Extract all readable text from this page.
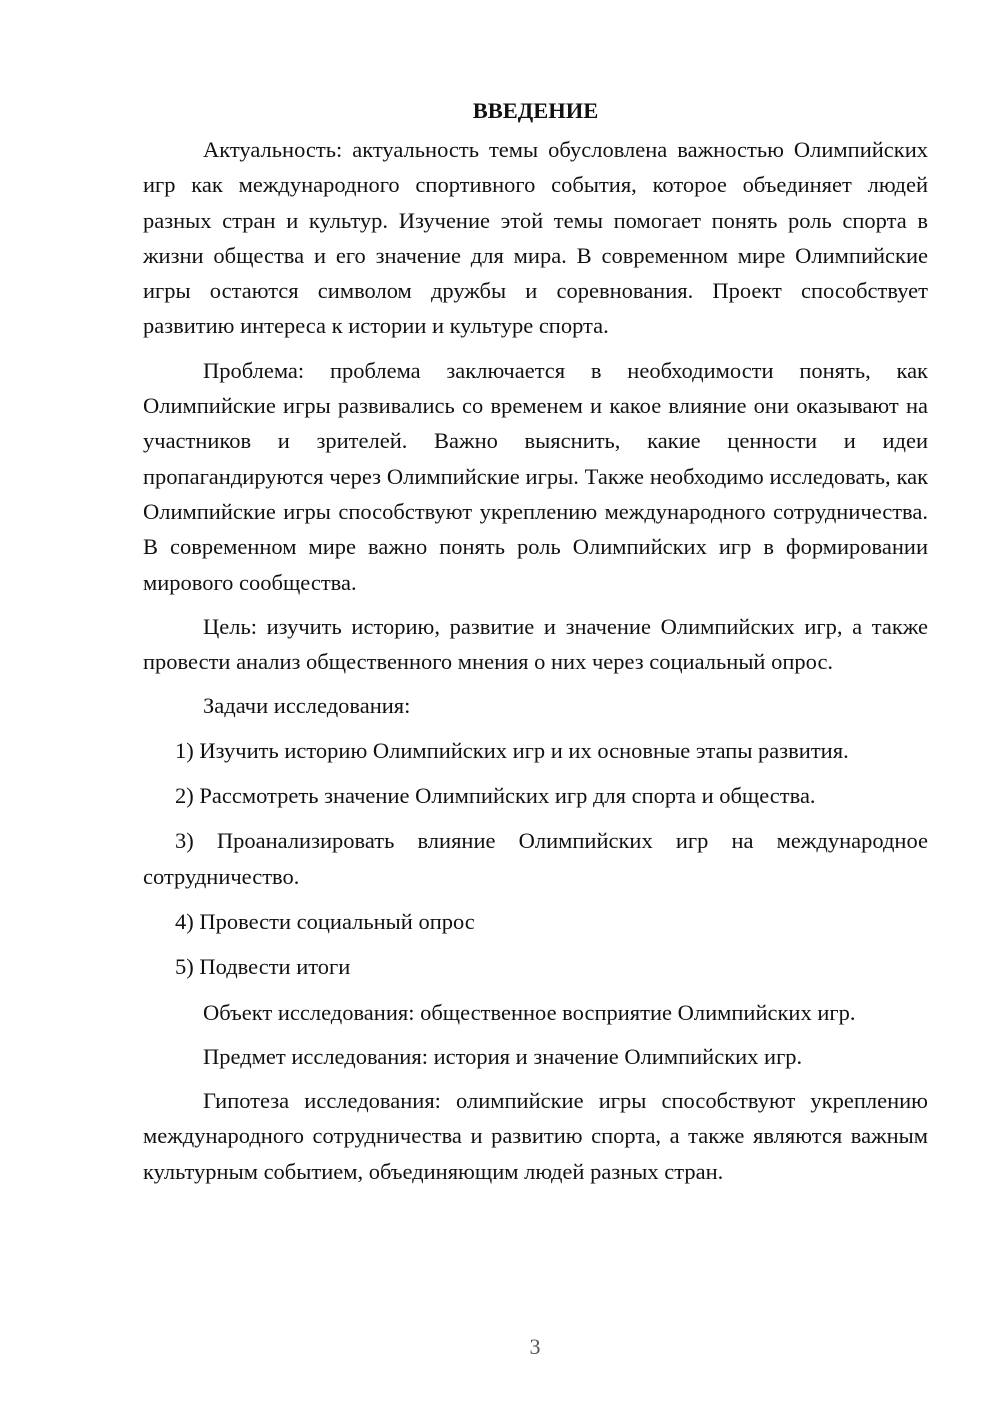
ВВЕДЕНИЕ

Актуальность: актуальность темы обусловлена важностью Олимпийских игр как международного спортивного события, которое объединяет людей разных стран и культур. Изучение этой темы помогает понять роль спорта в жизни общества и его значение для мира. В современном мире Олимпийские игры остаются символом дружбы и соревнования. Проект способствует развитию интереса к истории и культуре спорта.

Проблема: проблема заключается в необходимости понять, как Олимпийские игры развивались со временем и какое влияние они оказывают на участников и зрителей. Важно выяснить, какие ценности и идеи пропагандируются через Олимпийские игры. Также необходимо исследовать, как Олимпийские игры способствуют укреплению международного сотрудничества. В современном мире важно понять роль Олимпийских игр в формировании мирового сообщества.

Цель: изучить историю, развитие и значение Олимпийских игр, а также провести анализ общественного мнения о них через социальный опрос.

Задачи исследования:

1) Изучить историю Олимпийских игр и их основные этапы развития.

2) Рассмотреть значение Олимпийских игр для спорта и общества.

3) Проанализировать влияние Олимпийских игр на международное сотрудничество.

4) Провести социальный опрос

5) Подвести итоги

Объект исследования: общественное восприятие Олимпийских игр.

Предмет исследования: история и значение Олимпийских игр.

Гипотеза исследования: олимпийские игры способствуют укреплению международного сотрудничества и развитию спорта, а также являются важным культурным событием, объединяющим людей разных стран.

3
